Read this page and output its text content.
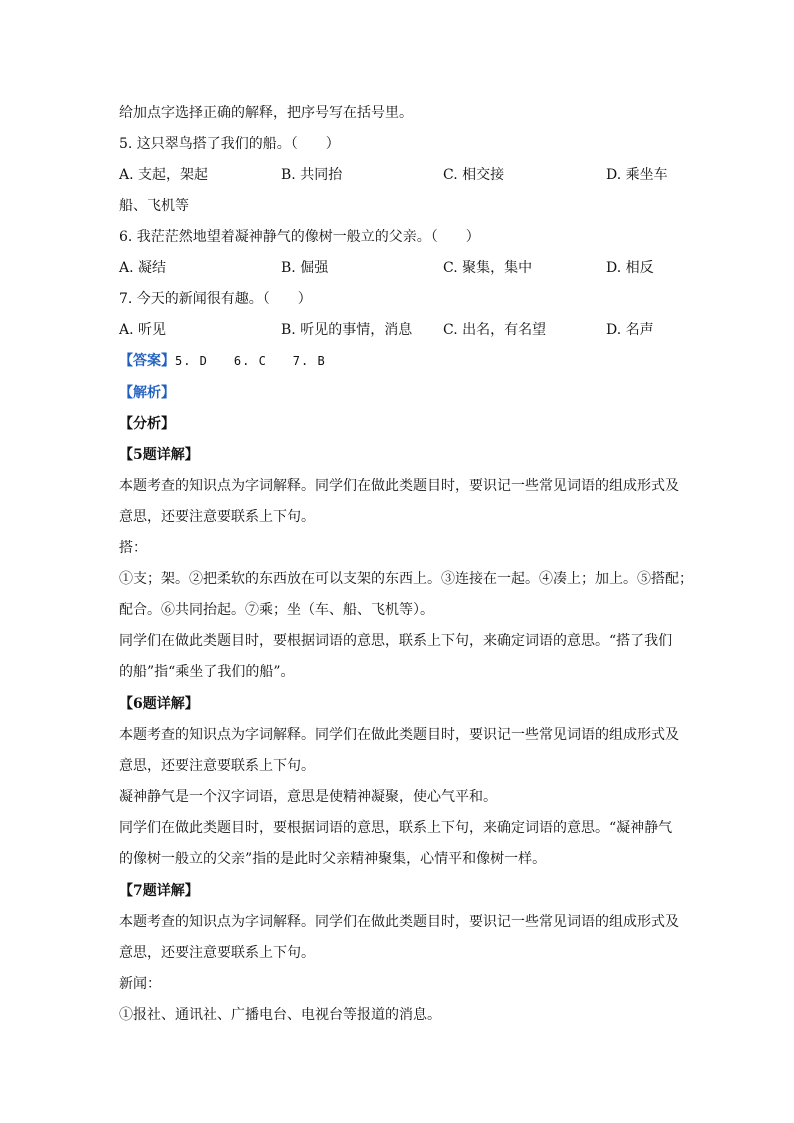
给加点字选择正确的解释，把序号写在括号里。
5. 这只翠鸟搭了我们的船。（　　）
A. 支起，架起	B. 共同抬	C. 相交接	D. 乘坐车
船、飞机等
6. 我茫茫然地望着凝神静气的像树一般立的父亲。（　　）
A. 凝结	B. 倔强	C. 聚集，集中	D. 相反
7. 今天的新闻很有趣。（　　）
A. 听见	B. 听见的事情，消息 C. 出名，有名望	D. 名声
【答案】5. D　　6. C　　7. B
【解析】
【分析】
【5题详解】
本题考查的知识点为字词解释。同学们在做此类题目时，要识记一些常见词语的组成形式及
意思，还要注意要联系上下句。
搭：
①支；架。②把柔软的东西放在可以支架的东西上。③连接在一起。④凑上；加上。⑤搭配；
配合。⑥共同抬起。⑦乘；坐（车、船、飞机等）。
同学们在做此类题目时，要根据词语的意思，联系上下句，来确定词语的意思。“搭了我们
的船”指“乘坐了我们的船”。
【6题详解】
本题考查的知识点为字词解释。同学们在做此类题目时，要识记一些常见词语的组成形式及
意思，还要注意要联系上下句。
凝神静气是一个汉字词语，意思是使精神凝聚，使心气平和。
同学们在做此类题目时，要根据词语的意思，联系上下句，来确定词语的意思。“凝神静气
的像树一般立的父亲”指的是此时父亲精神聚集，心情平和像树一样。
【7题详解】
本题考查的知识点为字词解释。同学们在做此类题目时，要识记一些常见词语的组成形式及
意思，还要注意要联系上下句。
新闻：
①报社、通讯社、广播电台、电视台等报道的消息。
